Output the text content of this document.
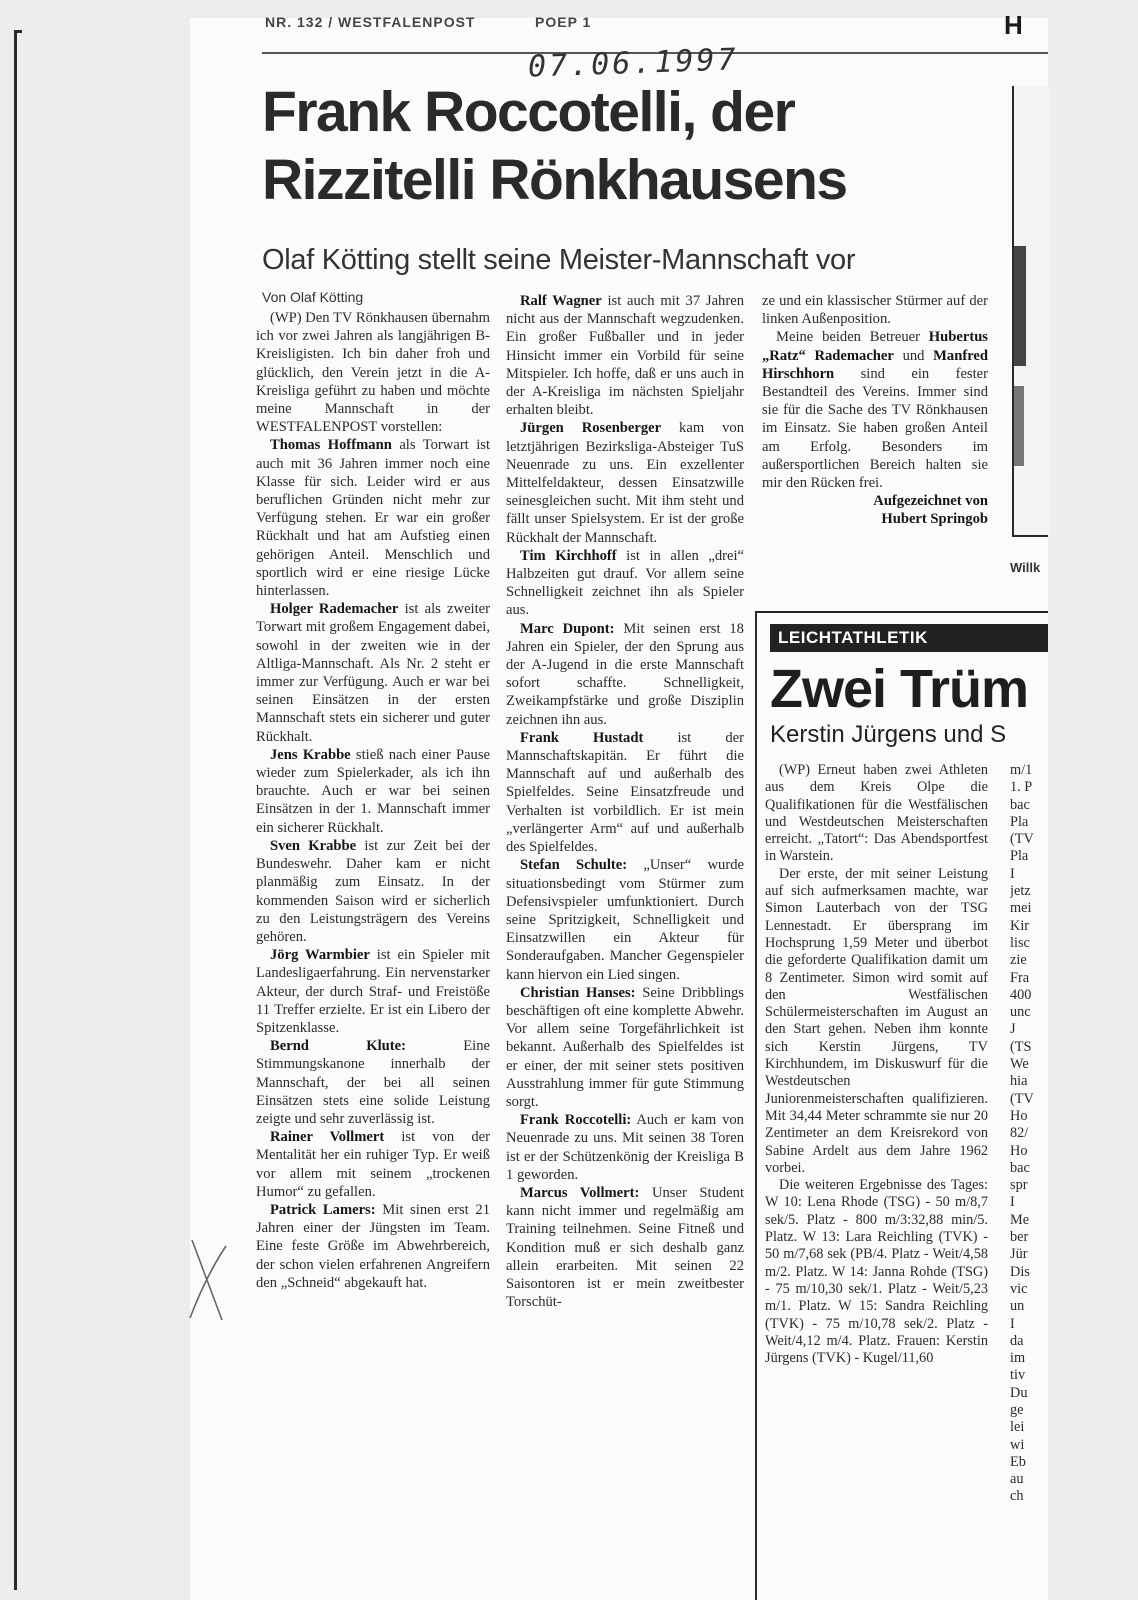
NR. 132 / WESTFALENPOST	POEP 1	H
07.06.1997
Frank Roccotelli, der
Rizzitelli Rönkhausens
Olaf Kötting stellt seine Meister-Mannschaft vor
Von Olaf Kötting

(WP) Den TV Rönkhausen übernahm ich vor zwei Jahren als langjährigen B-Kreisligisten. Ich bin daher froh und glücklich, den Verein jetzt in die A-Kreisliga geführt zu haben und möchte meine Mannschaft in der WESTFALENPOST vorstellen:

Thomas Hoffmann als Torwart ist auch mit 36 Jahren immer noch eine Klasse für sich. Leider wird er aus beruflichen Gründen nicht mehr zur Verfügung stehen. Er war ein großer Rückhalt und hat am Aufstieg einen gehörigen Anteil. Menschlich und sportlich wird er eine riesige Lücke hinterlassen.

Holger Rademacher ist als zweiter Torwart mit großem Engagement dabei, sowohl in der zweiten wie in der Altliga-Mannschaft. Als Nr. 2 steht er immer zur Verfügung. Auch er war bei seinen Einsätzen in der ersten Mannschaft stets ein sicherer und guter Rückhalt.

Jens Krabbe stieß nach einer Pause wieder zum Spielerkader, als ich ihn brauchte. Auch er war bei seinen Einsätzen in der 1. Mannschaft immer ein sicherer Rückhalt.

Sven Krabbe ist zur Zeit bei der Bundeswehr. Daher kam er nicht planmäßig zum Einsatz. In der kommenden Saison wird er sicherlich zu den Leistungsträgern des Vereins gehören.

Jörg Warmbier ist ein Spieler mit Landesligaerfahrung. Ein nervenstarker Akteur, der durch Straf- und Freistöße 11 Treffer erzielte. Er ist ein Libero der Spitzenklasse.

Bernd Klute: Eine Stimmungskanone innerhalb der Mannschaft, der bei all seinen Einsätzen stets eine solide Leistung zeigte und sehr zuverlässig ist.

Rainer Vollmert ist von der Mentalität her ein ruhiger Typ. Er weiß vor allem mit seinem „trockenen Humor“ zu gefallen.

Patrick Lamers: Mit sinen erst 21 Jahren einer der Jüngsten im Team. Eine feste Größe im Abwehrbereich, der schon vielen erfahrenen Angreifern den „Schneid“ abgekauft hat.

Ralf Wagner ist auch mit 37 Jahren nicht aus der Mannschaft wegzudenken. Ein großer Fußballer und in jeder Hinsicht immer ein Vorbild für seine Mitspieler. Ich hoffe, daß er uns auch in der A-Kreisliga im nächsten Spieljahr erhalten bleibt.

Jürgen Rosenberger kam von letztjährigen Bezirksliga-Absteiger TuS Neuenrade zu uns. Ein exzellenter Mittelfeldakteur, dessen Einsatzwille seinesgleichen sucht. Mit ihm steht und fällt unser Spielsystem. Er ist der große Rückhalt der Mannschaft.

Tim Kirchhoff ist in allen „drei“ Halbzeiten gut drauf. Vor allem seine Schnelligkeit zeichnet ihn als Spieler aus.

Marc Dupont: Mit seinen erst 18 Jahren ein Spieler, der den Sprung aus der A-Jugend in die erste Mannschaft sofort schaffte. Schnelligkeit, Zweikampfstärke und große Disziplin zeichnen ihn aus.

Frank Hustadt ist der Mannschaftskapitän. Er führt die Mannschaft auf und außerhalb des Spielfeldes. Seine Einsatzfreude und Verhalten ist vorbildlich. Er ist mein „verlängerter Arm“ auf und außerhalb des Spielfeldes.

Stefan Schulte: „Unser“ wurde situationsbedingt vom Stürmer zum Defensivspieler umfunktioniert. Durch seine Spritzigkeit, Schnelligkeit und Einsatzwillen ein Akteur für Sonderaufgaben. Mancher Gegenspieler kann hiervon ein Lied singen.

Christian Hanses: Seine Dribblings beschäftigen oft eine komplette Abwehr. Vor allem seine Torgefährlichkeit ist bekannt. Außerhalb des Spielfeldes ist er einer, der mit seiner stets positiven Ausstrahlung immer für gute Stimmung sorgt.

Frank Roccotelli: Auch er kam von Neuenrade zu uns. Mit seinen 38 Toren ist er der Schützenkönig der Kreisliga B 1 geworden.

Marcus Vollmert: Unser Student kann nicht immer und regelmäßig am Training teilnehmen. Seine Fitneß und Kondition muß er sich deshalb ganz allein erarbeiten. Mit seinen 22 Saisontoren ist er mein zweitbester Torschüt-

ze und ein klassischer Stürmer auf der linken Außenposition.

Meine beiden Betreuer Hubertus „Ratz“ Rademacher und Manfred Hirschhorn sind ein fester Bestandteil des Vereins. Immer sind sie für die Sache des TV Rönkhausen im Einsatz. Sie haben großen Anteil am Erfolg. Besonders im außersportlichen Bereich halten sie mir den Rücken frei.

Aufgezeichnet von
Hubert Springob
Willk
LEICHTATHLETIK
Zwei Trüm
Kerstin Jürgens und S

(WP) Erneut haben zwei Athleten aus dem Kreis Olpe die Qualifikationen für die Westfälischen und Westdeutschen Meisterschaften erreicht. „Tatort“: Das Abendsportfest in Warstein.

Der erste, der mit seiner Leistung auf sich aufmerksamen machte, war Simon Lauterbach von der TSG Lennestadt. Er übersprang im Hochsprung 1,59 Meter und überbot die geforderte Qualifikation damit um 8 Zentimeter. Simon wird somit auf den Westfälischen Schülermeisterschaften im August an den Start gehen. Neben ihm konnte sich Kerstin Jürgens, TV Kirchhundem, im Diskuswurf für die Westdeutschen Juniorenmeisterschaften qualifizieren. Mit 34,44 Meter schrammte sie nur 20 Zentimeter an dem Kreisrekord von Sabine Ardelt aus dem Jahre 1962 vorbei.

Die weiteren Ergebnisse des Tages: W 10: Lena Rhode (TSG) - 50 m/8,7 sek/5. Platz - 800 m/3:32,88 min/5. Platz. W 13: Lara Reichling (TVK) - 50 m/7,68 sek (PB/4. Platz - Weit/4,58 m/2. Platz. W 14: Janna Rohde (TSG) - 75 m/10,30 sek/1. Platz - Weit/5,23 m/1. Platz. W 15: Sandra Reichling (TVK) - 75 m/10,78 sek/2. Platz - Weit/4,12 m/4. Platz. Frauen: Kerstin Jürgens (TVK) - Kugel/11,60

m/1
1. P
bac
Pla
(TV
Pla
I
jetz
mei
Kir
lisc
zie
Fra
400
unc
J
(TS
We
hia
(TV
Ho
82/
Ho
bac
spr
I
Me
ber
Jür
Dis
vic
un
I
da
im
tiv
Du
ge
lei
wi
Eb
au
ch
